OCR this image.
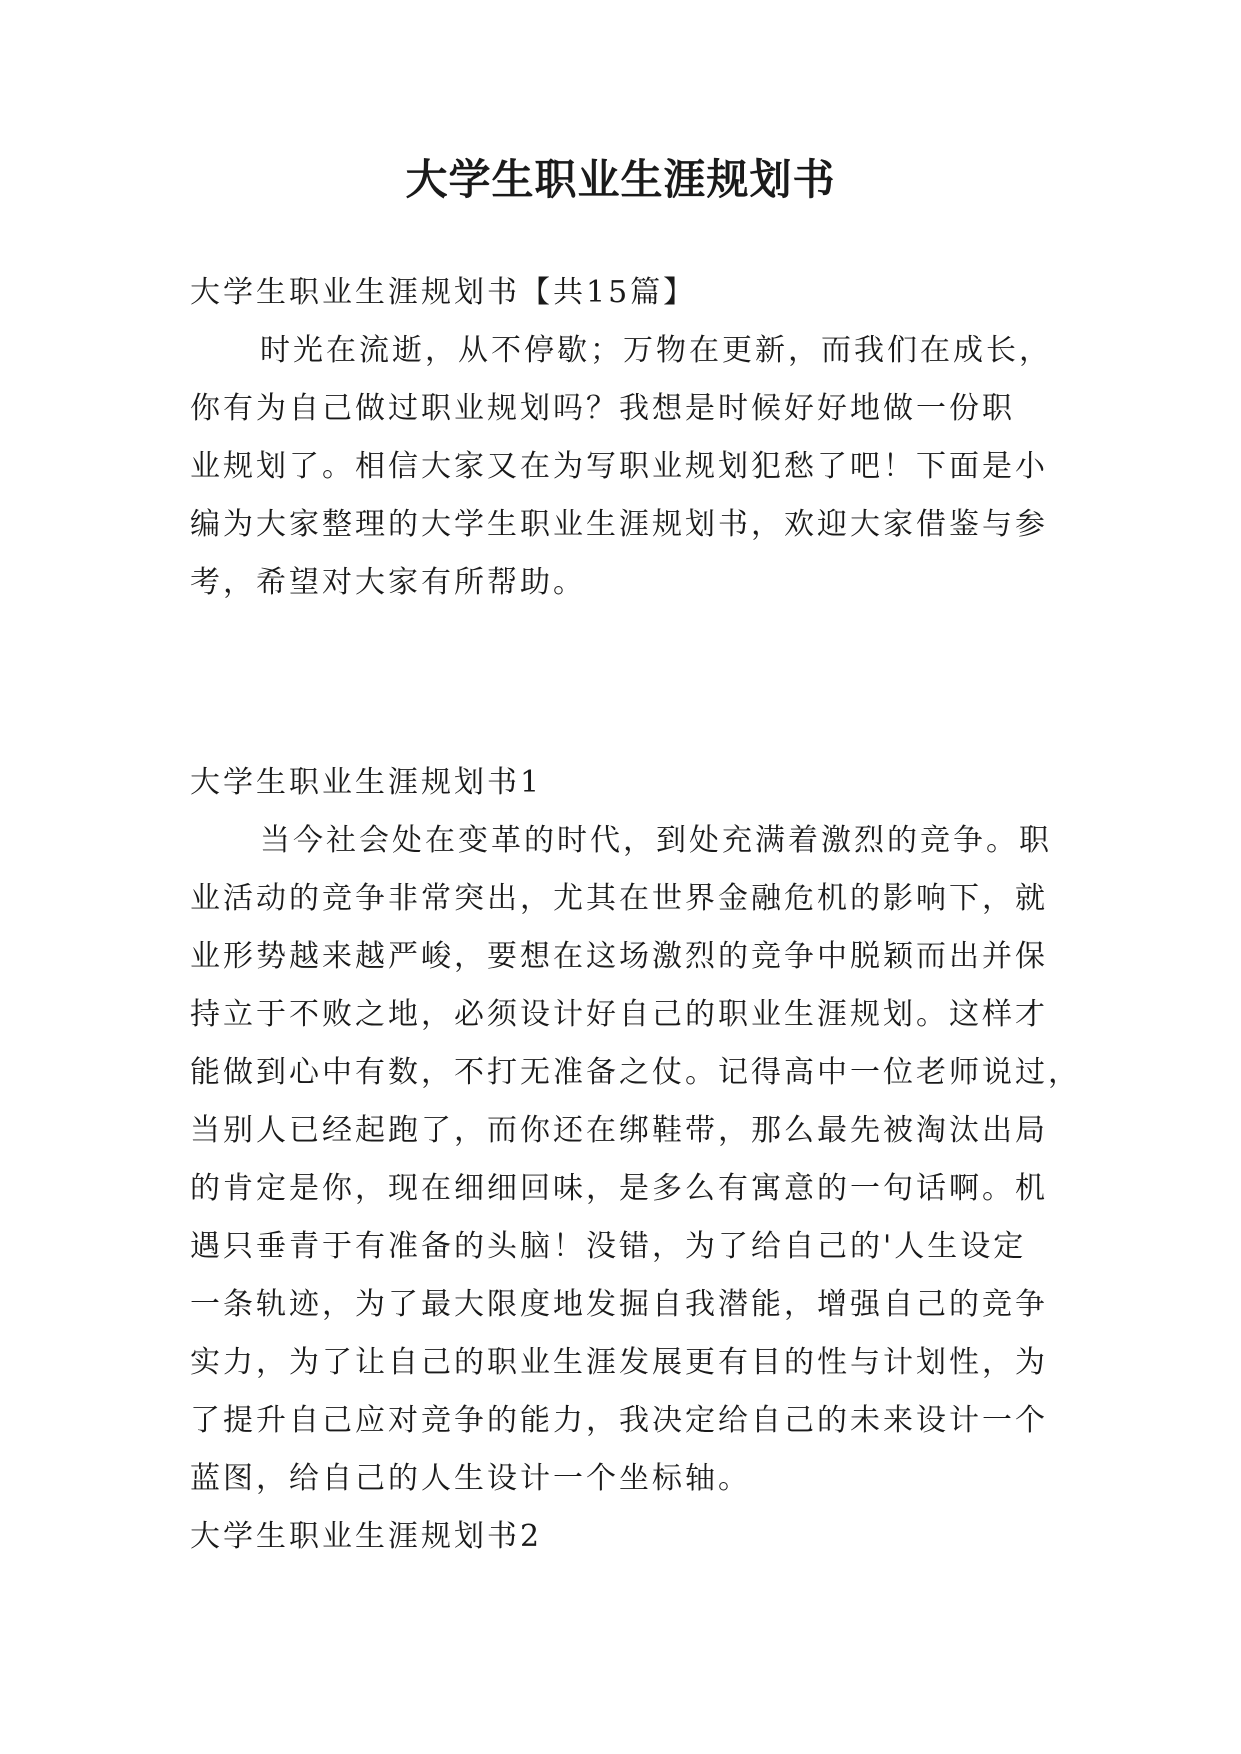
大学生职业生涯规划书

大学生职业生涯规划书【共15篇】

时光在流逝，从不停歇；万物在更新，而我们在成长，

你有为自己做过职业规划吗？我想是时候好好地做一份职

业规划了。相信大家又在为写职业规划犯愁了吧！下面是小

编为大家整理的大学生职业生涯规划书，欢迎大家借鉴与参

考，希望对大家有所帮助。

大学生职业生涯规划书1

当今社会处在变革的时代，到处充满着激烈的竞争。职

业活动的竞争非常突出，尤其在世界金融危机的影响下，就

业形势越来越严峻，要想在这场激烈的竞争中脱颖而出并保

持立于不败之地，必须设计好自己的职业生涯规划。这样才

能做到心中有数，不打无准备之仗。记得高中一位老师说过，

当别人已经起跑了，而你还在绑鞋带，那么最先被淘汰出局

的肯定是你，现在细细回味，是多么有寓意的一句话啊。机

遇只垂青于有准备的头脑！没错，为了给自己的'人生设定

一条轨迹，为了最大限度地发掘自我潜能，增强自己的竞争

实力，为了让自己的职业生涯发展更有目的性与计划性，为

了提升自己应对竞争的能力，我决定给自己的未来设计一个

蓝图，给自己的人生设计一个坐标轴。

大学生职业生涯规划书2
